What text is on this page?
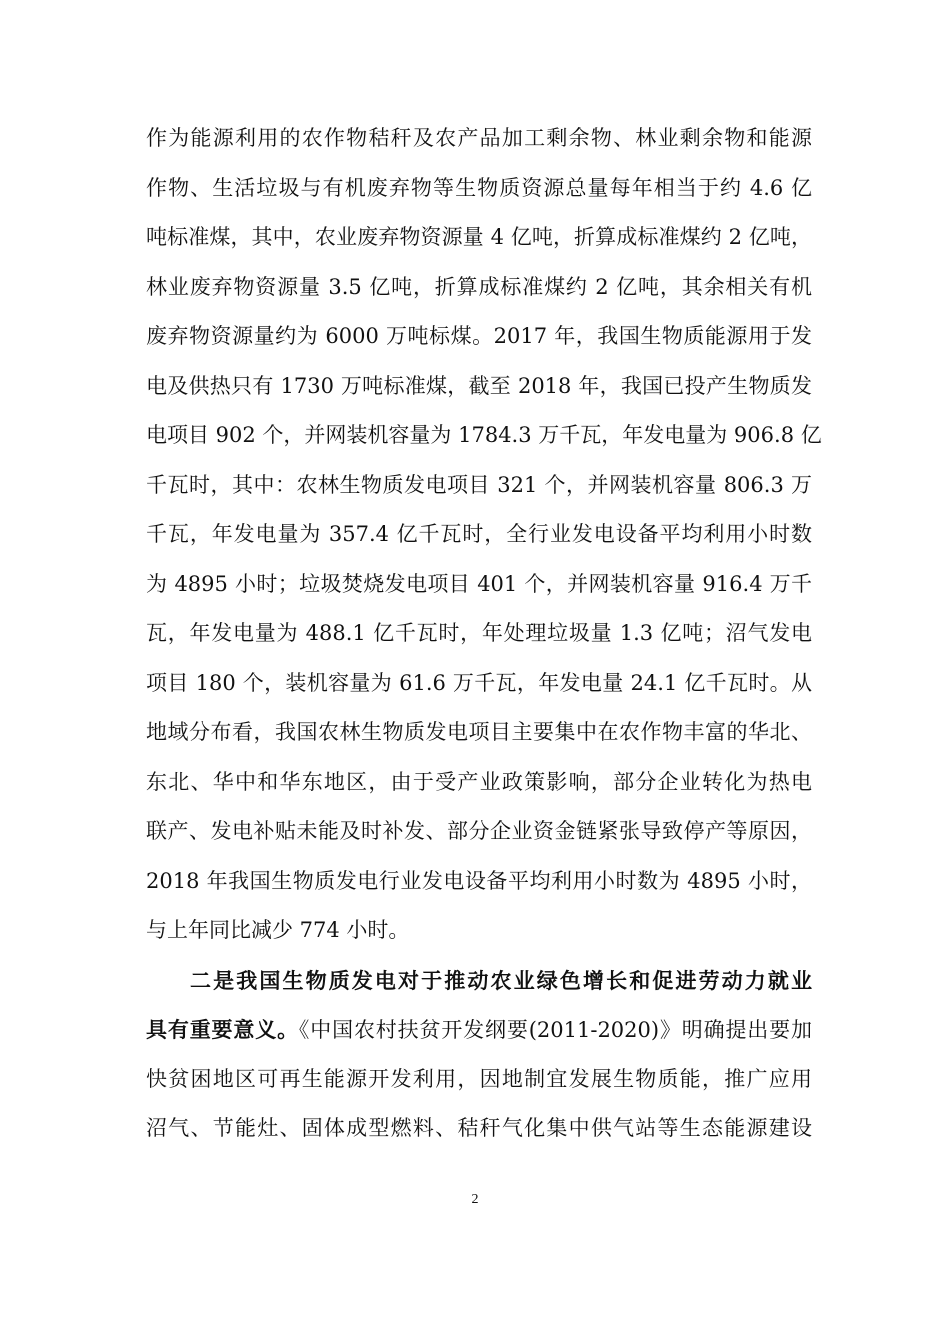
作为能源利用的农作物秸秆及农产品加工剩余物、林业剩余物和能源
作物、生活垃圾与有机废弃物等生物质资源总量每年相当于约 4.6 亿
吨标准煤，其中，农业废弃物资源量 4 亿吨，折算成标准煤约 2 亿吨，
林业废弃物资源量 3.5 亿吨，折算成标准煤约 2 亿吨，其余相关有机
废弃物资源量约为 6000 万吨标煤。2017 年，我国生物质能源用于发
电及供热只有 1730 万吨标准煤，截至 2018 年，我国已投产生物质发
电项目 902 个，并网装机容量为 1784.3 万千瓦，年发电量为 906.8 亿
千瓦时，其中：农林生物质发电项目 321 个，并网装机容量 806.3 万
千瓦，年发电量为 357.4 亿千瓦时，全行业发电设备平均利用小时数
为 4895 小时；垃圾焚烧发电项目 401 个，并网装机容量 916.4 万千
瓦，年发电量为 488.1 亿千瓦时，年处理垃圾量 1.3 亿吨；沼气发电
项目 180 个，装机容量为 61.6 万千瓦，年发电量 24.1 亿千瓦时。从
地域分布看，我国农林生物质发电项目主要集中在农作物丰富的华北、
东北、华中和华东地区，由于受产业政策影响，部分企业转化为热电
联产、发电补贴未能及时补发、部分企业资金链紧张导致停产等原因，
2018 年我国生物质发电行业发电设备平均利用小时数为 4895 小时，
与上年同比减少 774 小时。
二是我国生物质发电对于推动农业绿色增长和促进劳动力就业
具有重要意义。《中国农村扶贫开发纲要(2011-2020)》明确提出要加
快贫困地区可再生能源开发利用，因地制宜发展生物质能，推广应用
沼气、节能灶、固体成型燃料、秸秆气化集中供气站等生态能源建设
2
